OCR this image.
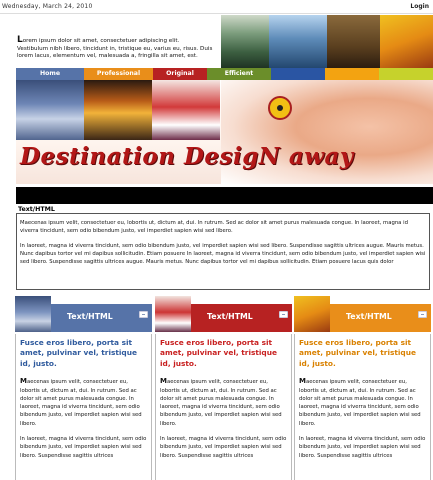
Wednesday, March 24, 2010	Login
Lorem ipsum dolor sit amet, consectetuer adipiscing elit.
Vestibulum nibh libero, tincidunt in, tristique eu, varius eu, risus. Duis lorem lacus, elementum vel, malesuada a, fringilla sit amet, est.
Home	Professional	Original	Efficient
Destination DesigN away
Text/HTML

Maecenas ipsum velit, consectetuer eu, lobortis ut, dictum at, dui. In rutrum. Sed ac dolor sit amet purus malesuada congue. In laoreet, magna id viverra tincidunt, sem odio bibendum justo, vel imperdiet sapien wisi sed libero.

In laoreet, magna id viverra tincidunt, sem odio bibendum justo, vel imperdiet sapien wisi sed libero. Suspendisse sagittis ultrices augue. Mauris metus. Nunc dapibus tortor vel mi dapibus sollicitudin. Etiam posuere In laoreet, magna id viverra tincidunt, sem odio bibendum justo, vel imperdiet sapien wisi sed libero. Suspendisse sagittis ultrices augue. Mauris metus. Nunc dapibus tortor vel mi dapibus sollicitudin. Etiam posuere lacus quis dolor

Text/HTML
Fusce eros libero, porta sit amet, pulvinar vel, tristique id, justo.
Maecenas ipsum velit, consectetuer eu, lobortis ut, dictum at, dui. In rutrum. Sed ac dolor sit amet purus malesuada congue. In laoreet, magna id viverra tincidunt, sem odio bibendum justo, vel imperdiet sapien wisi sed libero.
In laoreet, magna id viverra tincidunt, sem odio bibendum justo, vel imperdiet sapien wisi sed libero. Suspendisse sagittis ultrices
Text/HTML
Fusce eros libero, porta sit amet, pulvinar vel, tristique id, justo.
Maecenas ipsum velit, consectetuer eu, lobortis ut, dictum at, dui. In rutrum. Sed ac dolor sit amet purus malesuada congue. In laoreet, magna id viverra tincidunt, sem odio bibendum justo, vel imperdiet sapien wisi sed libero.
In laoreet, magna id viverra tincidunt, sem odio bibendum justo, vel imperdiet sapien wisi sed libero. Suspendisse sagittis ultrices
Text/HTML
Fusce eros libero, porta sit amet, pulvinar vel, tristique id, justo.
Maecenas ipsum velit, consectetuer eu, lobortis ut, dictum at, dui. In rutrum. Sed ac dolor sit amet purus malesuada congue. In laoreet, magna id viverra tincidunt, sem odio bibendum justo, vel imperdiet sapien wisi sed libero.
In laoreet, magna id viverra tincidunt, sem odio bibendum justo, vel imperdiet sapien wisi sed libero. Suspendisse sagittis ultrices
